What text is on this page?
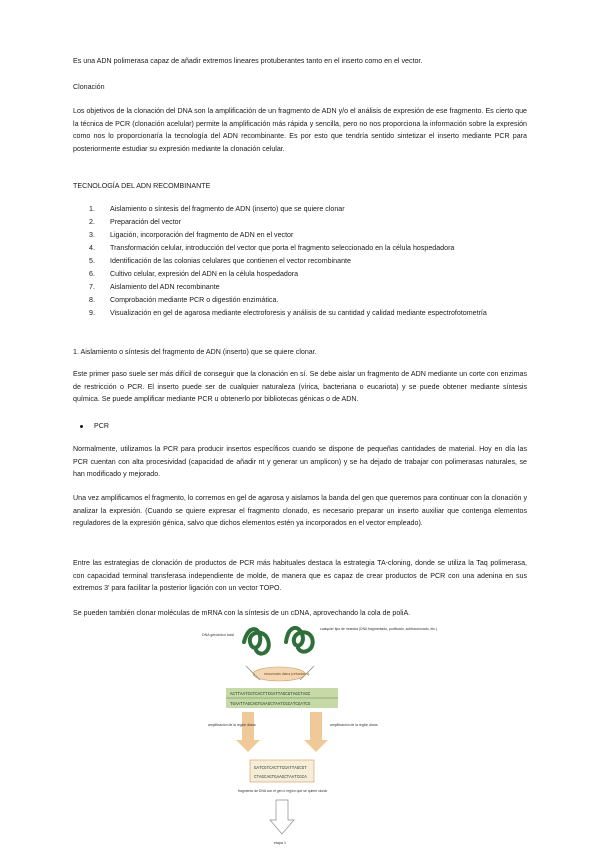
Es una ADN polimerasa capaz de añadir extremos lineares protuberantes tanto en el inserto como en el vector.

Clonación

Los objetivos de la clonación del DNA son la amplificación de un fragmento de ADN y/o el análisis de expresión de ese fragmento. Es cierto que la técnica de PCR (clonación acelular) permite la amplificación más rápida y sencilla, pero no nos proporciona la información sobre la expresión como nos lo proporcionaría la tecnología del ADN recombinante. Es por esto que tendría sentido sintetizar el inserto mediante PCR para posteriormente estudiar su expresión mediante la clonación celular.

TECNOLOGÍA DEL ADN RECOMBINANTE

1. Aislamiento o síntesis del fragmento de ADN (inserto) que se quiere clonar
2. Preparación del vector
3. Ligación, incorporación del fragmento de ADN en el vector
4. Transformación celular, introducción del vector que porta el fragmento seleccionado en la célula hospedadora
5. Identificación de las colonias celulares que contienen el vector recombinante
6. Cultivo celular, expresión del ADN en la célula hospedadora
7. Aislamiento del ADN recombinante
8. Comprobación mediante PCR o digestión enzimática.
9. Visualización en gel de agarosa mediante electroforesis y análisis de su cantidad y calidad mediante espectrofotometría

1. Aislamiento o síntesis del fragmento de ADN (inserto) que se quiere clonar.

Este primer paso suele ser más difícil de conseguir que la clonación en sí. Se debe aislar un fragmento de ADN mediante un corte con enzimas de restricción o PCR. El inserto puede ser de cualquier naturaleza (vírica, bacteriana o eucariota) y se puede obtener mediante síntesis química. Se puede amplificar mediante PCR u obtenerlo por bibliotecas génicas o de ADN.

PCR

Normalmente, utilizamos la PCR para producir insertos específicos cuando se dispone de pequeñas cantidades de material. Hoy en día las PCR cuentan con alta procesividad (capacidad de añadir nt y generar un amplicon) y se ha dejado de trabajar con polimerasas naturales, se han modificado y mejorado.

Una vez amplificamos el fragmento, lo corremos en gel de agarosa y aislamos la banda del gen que queremos para continuar con la clonación y analizar la expresión. (Cuando se quiere expresar el fragmento clonado, es necesario preparar un inserto auxiliar que contenga elementos reguladores de la expresión génica, salvo que dichos elementos estén ya incorporados en el vector empleado).

Entre las estrategias de clonación de productos de PCR más habituales destaca la estrategia TA-cloning, donde se utiliza la Taq polimerasa, con capacidad terminal transferasa independiente de molde, de manera que es capaz de crear productos de PCR con una adenina en sus extremos 3' para facilitar la posterior ligación con un vector TOPO.

Se pueden también clonar moléculas de mRNA con la síntesis de un cDNA, aprovechando la cola de poliA.

DNA genómico total
cualquier tipo de muestra (DNA fragmentado, purificado, subfraccionado, etc.)
secuencias diana (cebadores)
ACTTAATCGTCACTTCGATTAGCGTAGCTAGC
TGAATTAGCAGTGAAGCTAATCGCATCGATCG
amplificación de la región diana	amplificación de la región diana
GATCGTCACTTCGATTAGCGT
CTAGCAGTGAAGCTAATCGCA
fragmento de DNA con el gen o región que se quiere clonar
etapa 1
